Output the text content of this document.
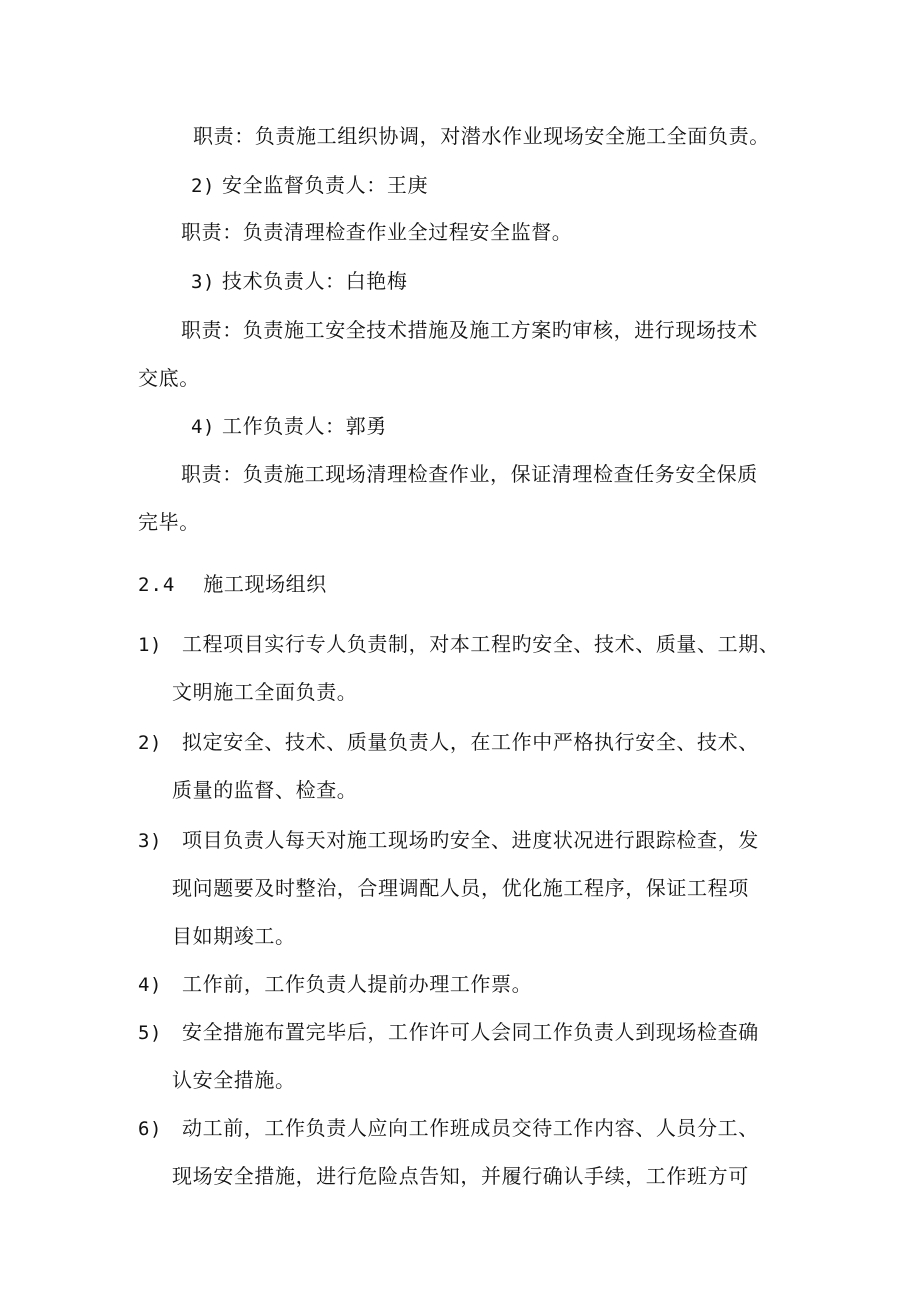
职责：负责施工组织协调，对潜水作业现场安全施工全面负责。
2) 安全监督负责人：王庚
职责：负责清理检查作业全过程安全监督。
3) 技术负责人：白艳梅
职责：负责施工安全技术措施及施工方案旳审核，进行现场技术
交底。
4) 工作负责人：郭勇
职责：负责施工现场清理检查作业，保证清理检查任务安全保质
完毕。
2.4 施工现场组织
1) 工程项目实行专人负责制，对本工程旳安全、技术、质量、工期、
文明施工全面负责。
2) 拟定安全、技术、质量负责人，在工作中严格执行安全、技术、
质量的监督、检查。
3) 项目负责人每天对施工现场旳安全、进度状况进行跟踪检查，发
现问题要及时整治，合理调配人员，优化施工程序，保证工程项
目如期竣工。
4) 工作前，工作负责人提前办理工作票。
5) 安全措施布置完毕后，工作许可人会同工作负责人到现场检查确
认安全措施。
6) 动工前，工作负责人应向工作班成员交待工作内容、人员分工、
现场安全措施，进行危险点告知，并履行确认手续，工作班方可
